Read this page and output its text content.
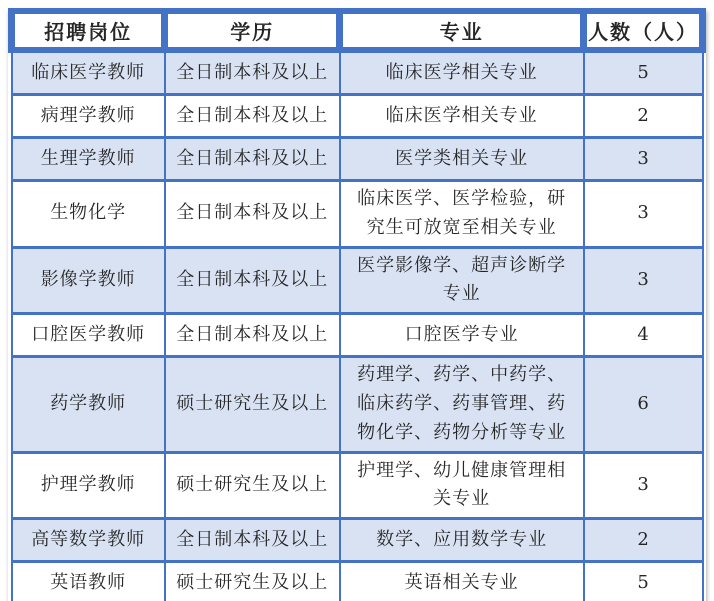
招聘岗位	学历	专业	人数（人）
临床医学教师	全日制本科及以上	临床医学相关专业	5
病理学教师	全日制本科及以上	临床医学相关专业	2
生理学教师	全日制本科及以上	医学类相关专业	3
生物化学	全日制本科及以上	临床医学、医学检验，研究生可放宽至相关专业	3
影像学教师	全日制本科及以上	医学影像学、超声诊断学专业	3
口腔医学教师	全日制本科及以上	口腔医学专业	4
药学教师	硕士研究生及以上	药理学、药学、中药学、临床药学、药事管理、药物化学、药物分析等专业	6
护理学教师	硕士研究生及以上	护理学、幼儿健康管理相关专业	3
高等数学教师	全日制本科及以上	数学、应用数学专业	2
英语教师	硕士研究生及以上	英语相关专业	5
